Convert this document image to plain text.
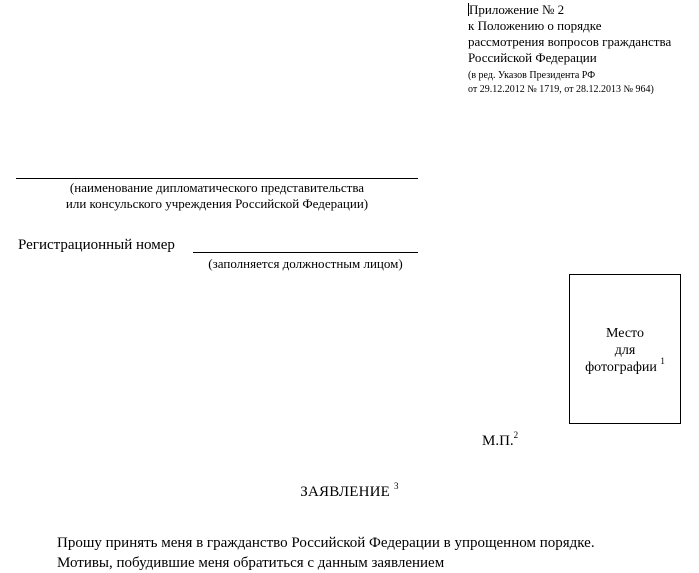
Приложение № 2
к Положению о порядке
рассмотрения вопросов гражданства
Российской Федерации
(в ред. Указов Президента РФ
от 29.12.2012 № 1719, от 28.12.2013 № 964)
(наименование дипломатического представительства
или консульского учреждения Российской Федерации)
Регистрационный номер
(заполняется должностным лицом)
Место
для
фотографии $^1$
М.П.$^2$
ЗАЯВЛЕНИЕ $^3$
Прошу принять меня в гражданство Российской Федерации в упрощенном порядке.
Мотивы, побудившие меня обратиться с данным заявлением
